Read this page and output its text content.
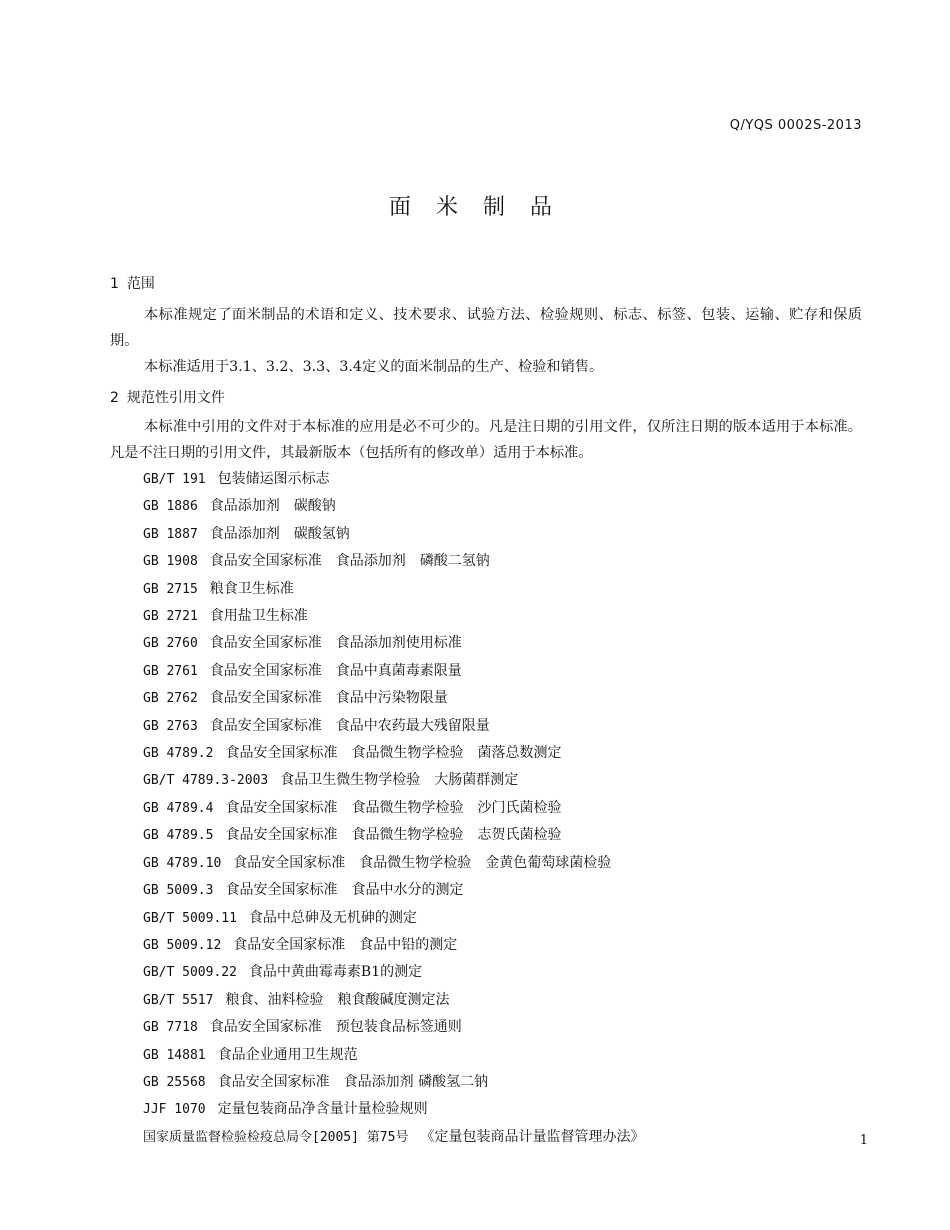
Q/YQS 0002S-2013
面 米 制 品
1 范围

本标准规定了面米制品的术语和定义、技术要求、试验方法、检验规则、标志、标签、包装、运输、贮存和保质期。

本标准适用于3.1、3.2、3.3、3.4定义的面米制品的生产、检验和销售。

2 规范性引用文件

本标准中引用的文件对于本标准的应用是必不可少的。凡是注日期的引用文件，仅所注日期的版本适用于本标准。凡是不注日期的引用文件，其最新版本（包括所有的修改单）适用于本标准。

GB/T 191 包装储运图示标志
GB 1886 食品添加剂　碳酸钠
GB 1887 食品添加剂　碳酸氢钠
GB 1908 食品安全国家标准　食品添加剂　磷酸二氢钠
GB 2715 粮食卫生标准
GB 2721 食用盐卫生标准
GB 2760 食品安全国家标准　食品添加剂使用标准
GB 2761 食品安全国家标准　食品中真菌毒素限量
GB 2762 食品安全国家标准　食品中污染物限量
GB 2763 食品安全国家标准　食品中农药最大残留限量
GB 4789.2 食品安全国家标准　食品微生物学检验　菌落总数测定
GB/T 4789.3-2003 食品卫生微生物学检验　大肠菌群测定
GB 4789.4 食品安全国家标准　食品微生物学检验　沙门氏菌检验
GB 4789.5 食品安全国家标准　食品微生物学检验　志贺氏菌检验
GB 4789.10 食品安全国家标准　食品微生物学检验　金黄色葡萄球菌检验
GB 5009.3 食品安全国家标准　食品中水分的测定
GB/T 5009.11 食品中总砷及无机砷的测定
GB 5009.12 食品安全国家标准　食品中铅的测定
GB/T 5009.22 食品中黄曲霉毒素B1的测定
GB/T 5517 粮食、油料检验　粮食酸碱度测定法
GB 7718 食品安全国家标准　预包装食品标签通则
GB 14881 食品企业通用卫生规范
GB 25568 食品安全国家标准　食品添加剂 磷酸氢二钠
JJF 1070 定量包装商品净含量计量检验规则
国家质量监督检验检疫总局令[2005] 第75号 《定量包装商品计量监督管理办法》	1
